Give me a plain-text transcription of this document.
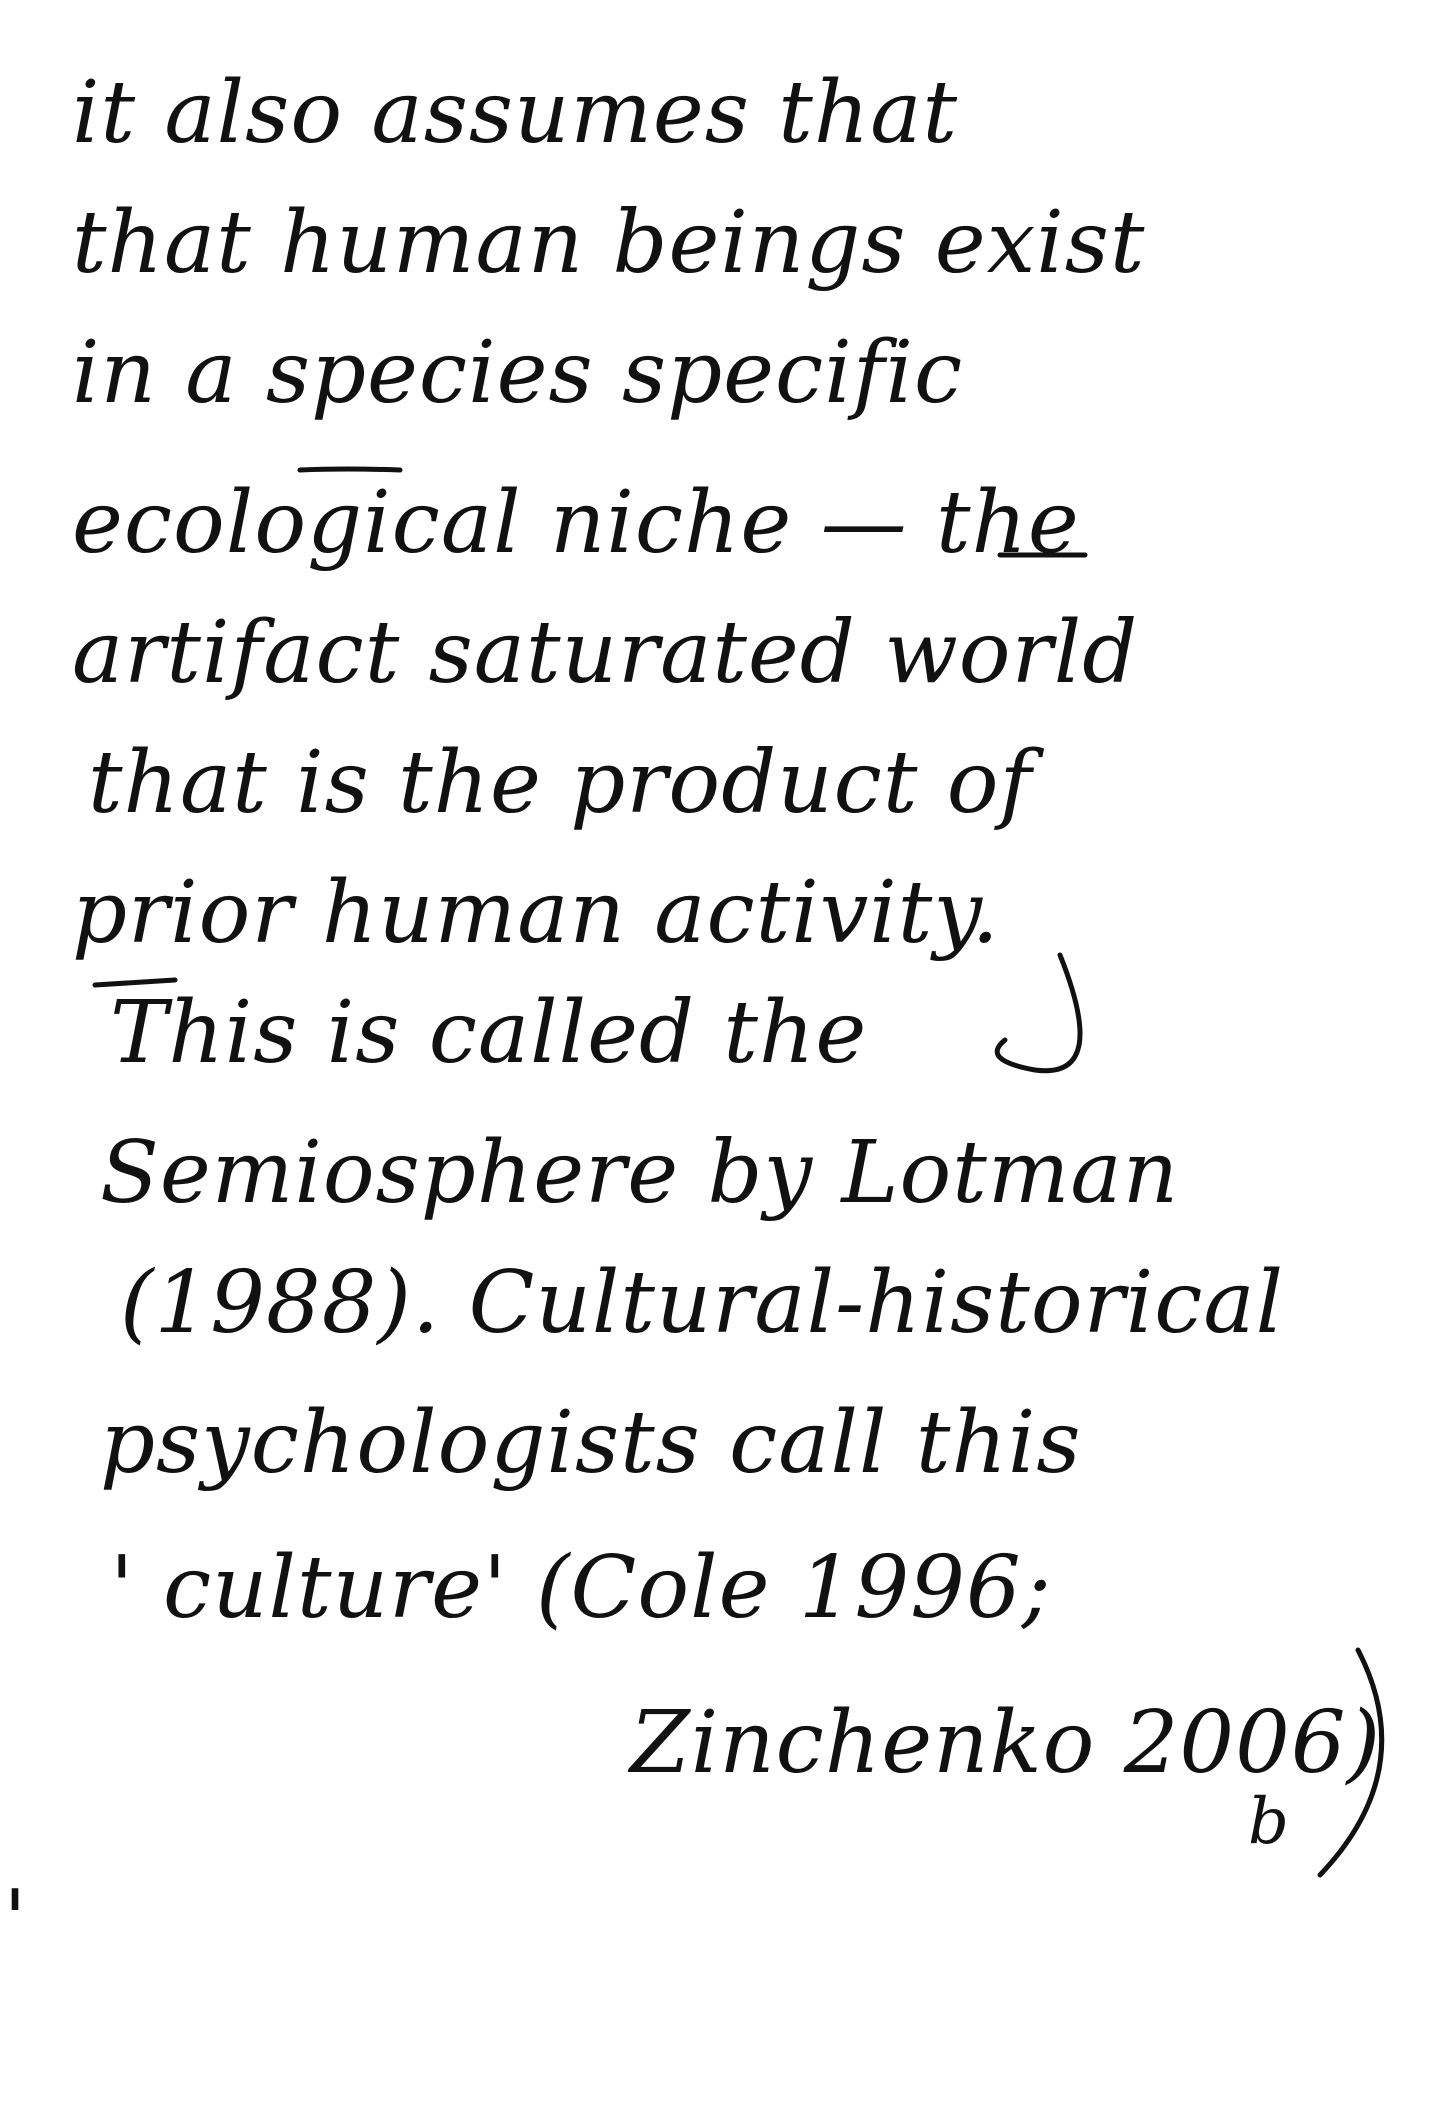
it also assumes that
that human beings exist
in a species specific
ecological niche — the
artifact saturated world
that is the product of
prior human activity.
This is called the
Semiosphere by Lotman
(1988). Cultural-historical
psychologists call this
' culture' (Cole 1996;
Zinchenko 2006)
b
'
